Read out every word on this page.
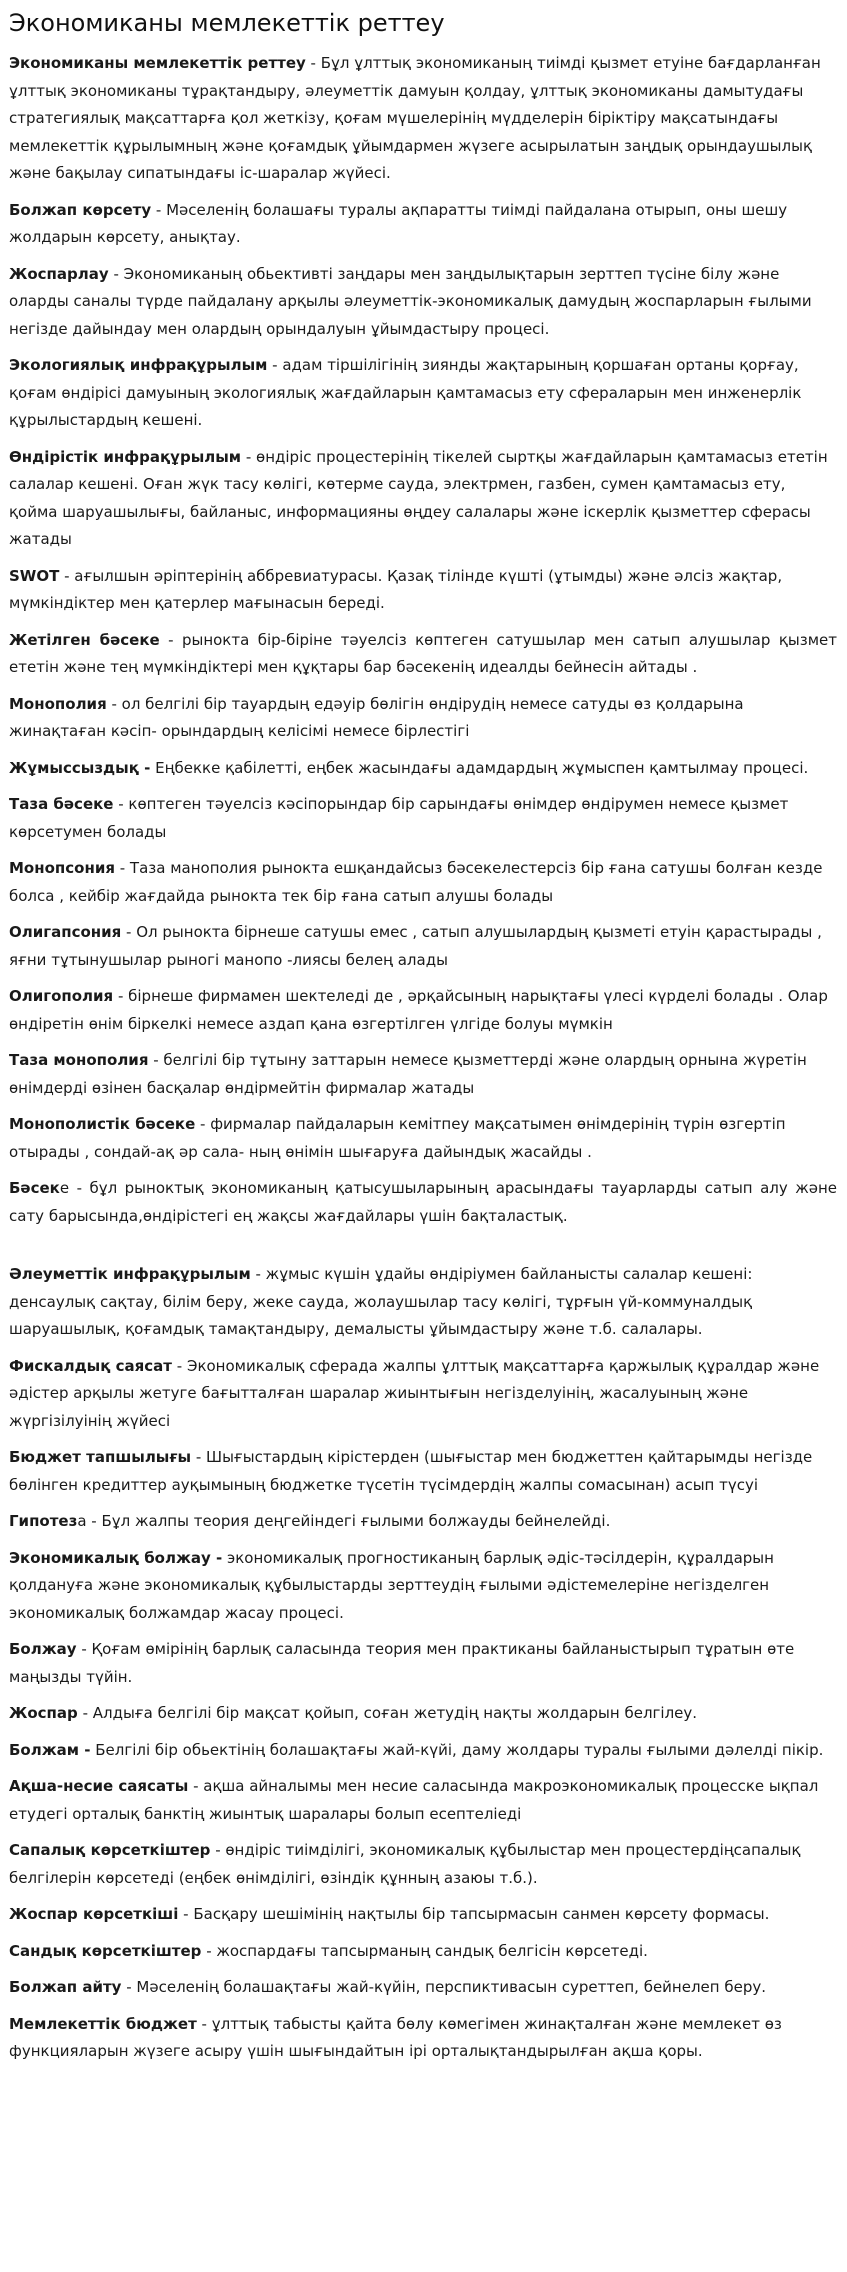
Экономиканы мемлекеттік реттеу

Экономиканы мемлекеттік реттеу - Бұл ұлттық экономиканың тиімді қызмет етуіне бағдарланған ұлттық экономиканы тұрақтандыру, әлеуметтік дамуын қолдау, ұлттық экономиканы дамытудағы стратегиялық мақсаттарға қол жеткізу, қоғам мүшелерінің мүдделерін біріктіру мақсатындағы мемлекеттік құрылымның және қоғамдық ұйымдармен жүзеге асырылатын заңдық орындаушылық және бақылау сипатындағы іс-шаралар жүйесі.

Болжап көрсету - Мәселенің болашағы туралы ақпаратты тиімді пайдалана отырып, оны шешу жолдарын көрсету, анықтау.

Жоспарлау - Экономиканың обьективті заңдары мен заңдылықтарын зерттеп түсіне білу және оларды саналы түрде пайдалану арқылы әлеуметтік-экономикалық дамудың жоспарларын ғылыми негізде дайындау мен олардың орындалуын ұйымдастыру процесі.

Экологиялық инфрақұрылым - адам тіршілігінің зиянды жақтарының қоршаған ортаны қорғау, қоғам өндірісі дамуының экологиялық жағдайларын қамтамасыз ету сфераларын мен инженерлік құрылыстардың кешені.

Өндірістік инфрақұрылым - өндіріс процестерінің тікелей сыртқы жағдайларын қамтамасыз ететін салалар кешені. Оған жүк тасу көлігі, көтерме сауда, электрмен, газбен, сумен қамтамасыз ету, қойма шаруашылығы, байланыс, информацияны өңдеу салалары және іскерлік қызметтер сферасы жатады

SWOT - ағылшын әріптерінің аббревиатурасы. Қазақ тілінде күшті (ұтымды) және әлсіз жақтар, мүмкіндіктер мен қатерлер мағынасын береді.

Жетілген бәсеке - рынокта бір-біріне тәуелсіз көптеген сатушылар мен сатып алушылар қызмет ететін және тең мүмкіндіктері мен құқтары бар бәсекенің идеалды бейнесін айтады .

Монополия - ол белгілі бір тауардың едәуір бөлігін өндірудің немесе сатуды өз қолдарына жинақтаған кәсіп- орындардың келісімі немесе бірлестігі

Жұмыссыздық - Еңбекке қабілетті, еңбек жасындағы адамдардың жұмыспен қамтылмау процесі.

Таза бәсеке - көптеген тәуелсіз кәсіпорындар бір сарындағы өнімдер өндірумен немесе қызмет көрсетумен болады

Монопсония - Таза манополия рынокта ешқандайсыз бәсекелестерсіз бір ғана сатушы болған кезде болса , кейбір жағдайда рынокта тек бір ғана сатып алушы болады

Олигапсония - Ол рынокта бірнеше сатушы емес , сатып алушылардың қызметі етуін қарастырады , яғни тұтынушылар рыногі манопо -лиясы белең алады

Олигополия - бірнеше фирмамен шектеледі де , әрқайсының нарықтағы үлесі күрделі болады . Олар өндіретін өнім біркелкі немесе аздап қана өзгертілген үлгіде болуы мүмкін

Таза монополия - белгілі бір тұтыну заттарын немесе қызметтерді және олардың орнына жүретін өнімдерді өзінен басқалар өндірмейтін фирмалар жатады

Монополистік бәсеке - фирмалар пайдаларын кемітпеу мақсатымен өнімдерінің түрін өзгертіп отырады , сондай-ақ әр сала- ның өнімін шығаруға дайындық жасайды .

Бәсеке - бұл рыноктық экономиканың қатысушыларының арасындағы тауарларды сатып алу және сату барысында,өндірістегі ең жақсы жағдайлары үшін бақталастық.

Әлеуметтік инфрақұрылым - жұмыс күшін ұдайы өндіріумен байланысты салалар кешені: денсаулық сақтау, білім беру, жеке сауда, жолаушылар тасу көлігі, тұрғын үй-коммуналдық шаруашылық, қоғамдық тамақтандыру, демалысты ұйымдастыру және т.б. салалары.

Фискалдық саясат - Экономикалық сферада жалпы ұлттық мақсаттарға қаржылық құралдар және әдістер арқылы жетуге бағытталған шаралар жиынтығын негізделуінің, жасалуының және жүргізілуінің жүйесі

Бюджет тапшылығы - Шығыстардың кірістерден (шығыстар мен бюджеттен қайтарымды негізде бөлінген кредиттер ауқымының бюджетке түсетін түсімдердің жалпы сомасынан) асып түсуі

Гипотеза - Бұл жалпы теория деңгейіндегі ғылыми болжауды бейнелейді.

Экономикалық болжау - экономикалық прогностиканың барлық әдіс-тәсілдерін, құралдарын қолдануға және экономикалық құбылыстарды зерттеудің ғылыми әдістемелеріне негізделген экономикалық болжамдар жасау процесі.

Болжау - Қоғам өмірінің барлық саласында теория мен практиканы байланыстырып тұратын өте маңызды түйін.

Жоспар - Алдыға белгілі бір мақсат қойып, соған жетудің нақты жолдарын белгілеу.

Болжам - Белгілі бір обьектінің болашақтағы жай-күйі, даму жолдары туралы ғылыми дәлелді пікір.

Ақша-несие саясаты - ақша айналымы мен несие саласында макроэкономикалық процесске ықпал етудегі орталық банктің жиынтық шаралары болып есептеліеді

Сапалық көрсеткіштер - өндіріс тиімділігі, экономикалық құбылыстар мен процестердіңсапалық белгілерін көрсетеді (еңбек өнімділігі, өзіндік құнның азаюы т.б.).

Жоспар көрсеткіші - Басқару шешімінің нақтылы бір тапсырмасын санмен көрсету формасы.

Сандық көрсеткіштер - жоспардағы тапсырманың сандық белгісін көрсетеді.

Болжап айту - Мәселенің болашақтағы жай-күйін, перспиктивасын суреттеп, бейнелеп беру.

Мемлекеттік бюджет - ұлттық табысты қайта бөлу көмегімен жинақталған және мемлекет өз функцияларын жүзеге асыру үшін шығындайтын ірі орталықтандырылған ақша қоры.
